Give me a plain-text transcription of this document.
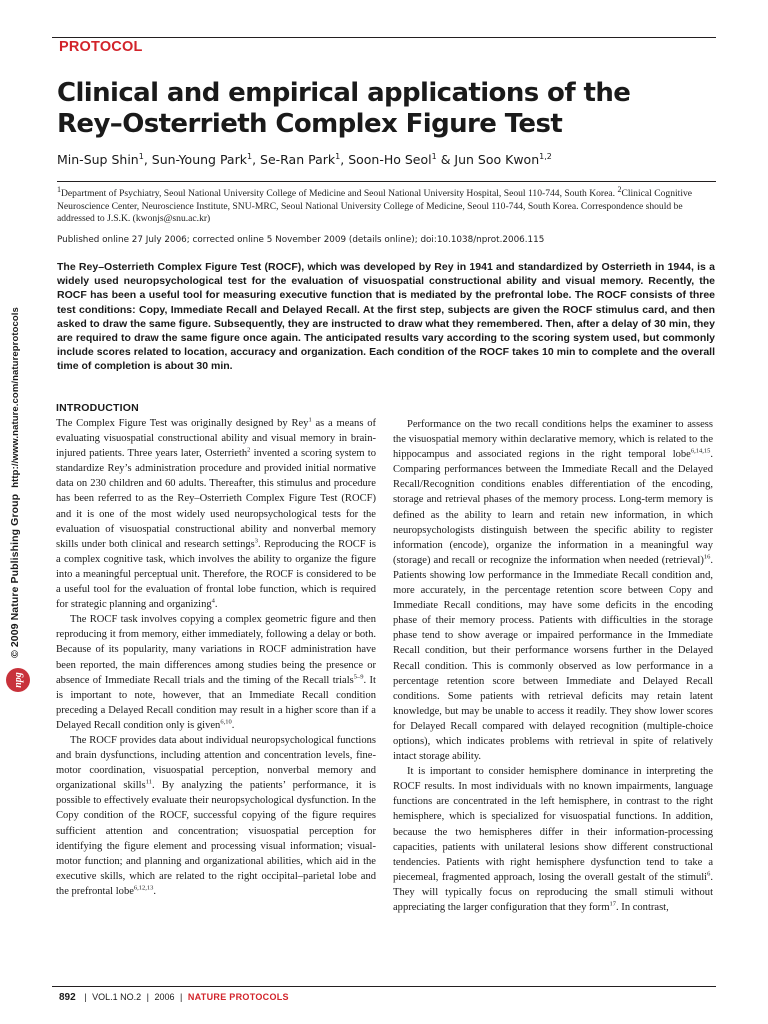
PROTOCOL
Clinical and empirical applications of the Rey–Osterrieth Complex Figure Test
Min-Sup Shin$^1$, Sun-Young Park$^1$, Se-Ran Park$^1$, Soon-Ho Seol$^1$ & Jun Soo Kwon$^{1,2}$
$^1$Department of Psychiatry, Seoul National University College of Medicine and Seoul National University Hospital, Seoul 110-744, South Korea. $^2$Clinical Cognitive Neuroscience Center, Neuroscience Institute, SNU-MRC, Seoul National University College of Medicine, Seoul 110-744, South Korea. Correspondence should be addressed to J.S.K. (kwonjs@snu.ac.kr)
Published online 27 July 2006; corrected online 5 November 2009 (details online); doi:10.1038/nprot.2006.115

The Rey–Osterrieth Complex Figure Test (ROCF), which was developed by Rey in 1941 and standardized by Osterrieth in 1944, is a widely used neuropsychological test for the evaluation of visuospatial constructional ability and visual memory. Recently, the ROCF has been a useful tool for measuring executive function that is mediated by the prefrontal lobe. The ROCF consists of three test conditions: Copy, Immediate Recall and Delayed Recall. At the first step, subjects are given the ROCF stimulus card, and then asked to draw the same figure. Subsequently, they are instructed to draw what they remembered. Then, after a delay of 30 min, they are required to draw the same figure once again. The anticipated results vary according to the scoring system used, but commonly include scores related to location, accuracy and organization. Each condition of the ROCF takes 10 min to complete and the overall time of completion is about 30 min.

INTRODUCTION

The Complex Figure Test was originally designed by Rey$^1$ as a means of evaluating visuospatial constructional ability and visual memory in brain-injured patients. Three years later, Osterrieth$^2$ invented a scoring system to standardize Rey’s administration procedure and provided initial normative data on 230 children and 60 adults. Thereafter, this stimulus and procedure has been referred to as the Rey–Osterrieth Complex Figure Test (ROCF) and it is one of the most widely used neuropsychological tests for the evaluation of visuospatial constructional ability and nonverbal memory skills under both clinical and research settings$^3$. Reproducing the ROCF is a complex cognitive task, which involves the ability to organize the figure into a meaningful perceptual unit. Therefore, the ROCF is considered to be a useful tool for the evaluation of frontal lobe function, which is required for strategic planning and organizing$^4$.

The ROCF task involves copying a complex geometric figure and then reproducing it from memory, either immediately, following a delay or both. Because of its popularity, many variations in ROCF administration have been reported, the main differences among studies being the presence or absence of Immediate Recall trials and the timing of the Recall trials$^{5-9}$. It is important to note, however, that an Immediate Recall condition preceding a Delayed Recall condition may result in a higher score than if a Delayed Recall condition only is given$^{6,10}$.

The ROCF provides data about individual neuropsychological functions and brain dysfunctions, including attention and concentration levels, fine-motor coordination, visuospatial perception, nonverbal memory and organizational skills$^{11}$. By analyzing the patients’ performance, it is possible to effectively evaluate their neuropsychological dysfunction. In the Copy condition of the ROCF, successful copying of the figure requires sufficient attention and concentration; visuospatial perception for identifying the figure element and processing visual information; visual-motor function; and planning and organizational abilities, which aid in the executive skills, which are related to the right occipital–parietal lobe and the prefrontal lobe$^{6,12,13}$.

Performance on the two recall conditions helps the examiner to assess the visuospatial memory within declarative memory, which is related to the hippocampus and associated regions in the right temporal lobe$^{6,14,15}$. Comparing performances between the Immediate Recall and the Delayed Recall/Recognition conditions enables differentiation of the encoding, storage and retrieval phases of the memory process. Long-term memory is defined as the ability to learn and retain new information, in which neuropsychologists distinguish between the specific ability to register information (encode), organize the information in a meaningful way (storage) and recall or recognize the information when needed (retrieval)$^{16}$. Patients showing low performance in the Immediate Recall condition and, more accurately, in the percentage retention score between Copy and Immediate Recall conditions, may have some deficits in the encoding phase of their memory process. Patients with difficulties in the storage phase tend to show average or impaired performance in the Immediate Recall condition, but their performance worsens further in the Delayed Recall condition. This is commonly observed as low performance in a percentage retention score between Immediate and Delayed Recall conditions. Some patients with retrieval deficits may retain latent knowledge, but may be unable to access it readily. They show lower scores for Delayed Recall compared with delayed recognition (multiple-choice options), which indicates problems with retrieval in spite of relatively intact storage ability.

It is important to consider hemisphere dominance in interpreting the ROCF results. In most individuals with no known impairments, language functions are concentrated in the left hemisphere, in contrast to the right hemisphere, which is specialized for visuospatial functions. In addition, because the two hemispheres differ in their information-processing capacities, patients with unilateral lesions show different constructional tendencies. Patients with right hemisphere dysfunction tend to take a piecemeal, fragmented approach, losing the overall gestalt of the stimuli$^6$. They will typically focus on reproducing the small stimuli without appreciating the larger configuration that they form$^{17}$. In contrast,

© 2009 Nature Publishing Group  http://www.nature.com/natureprotocols
npg
892 | VOL.1 NO.2 | 2006 | NATURE PROTOCOLS
